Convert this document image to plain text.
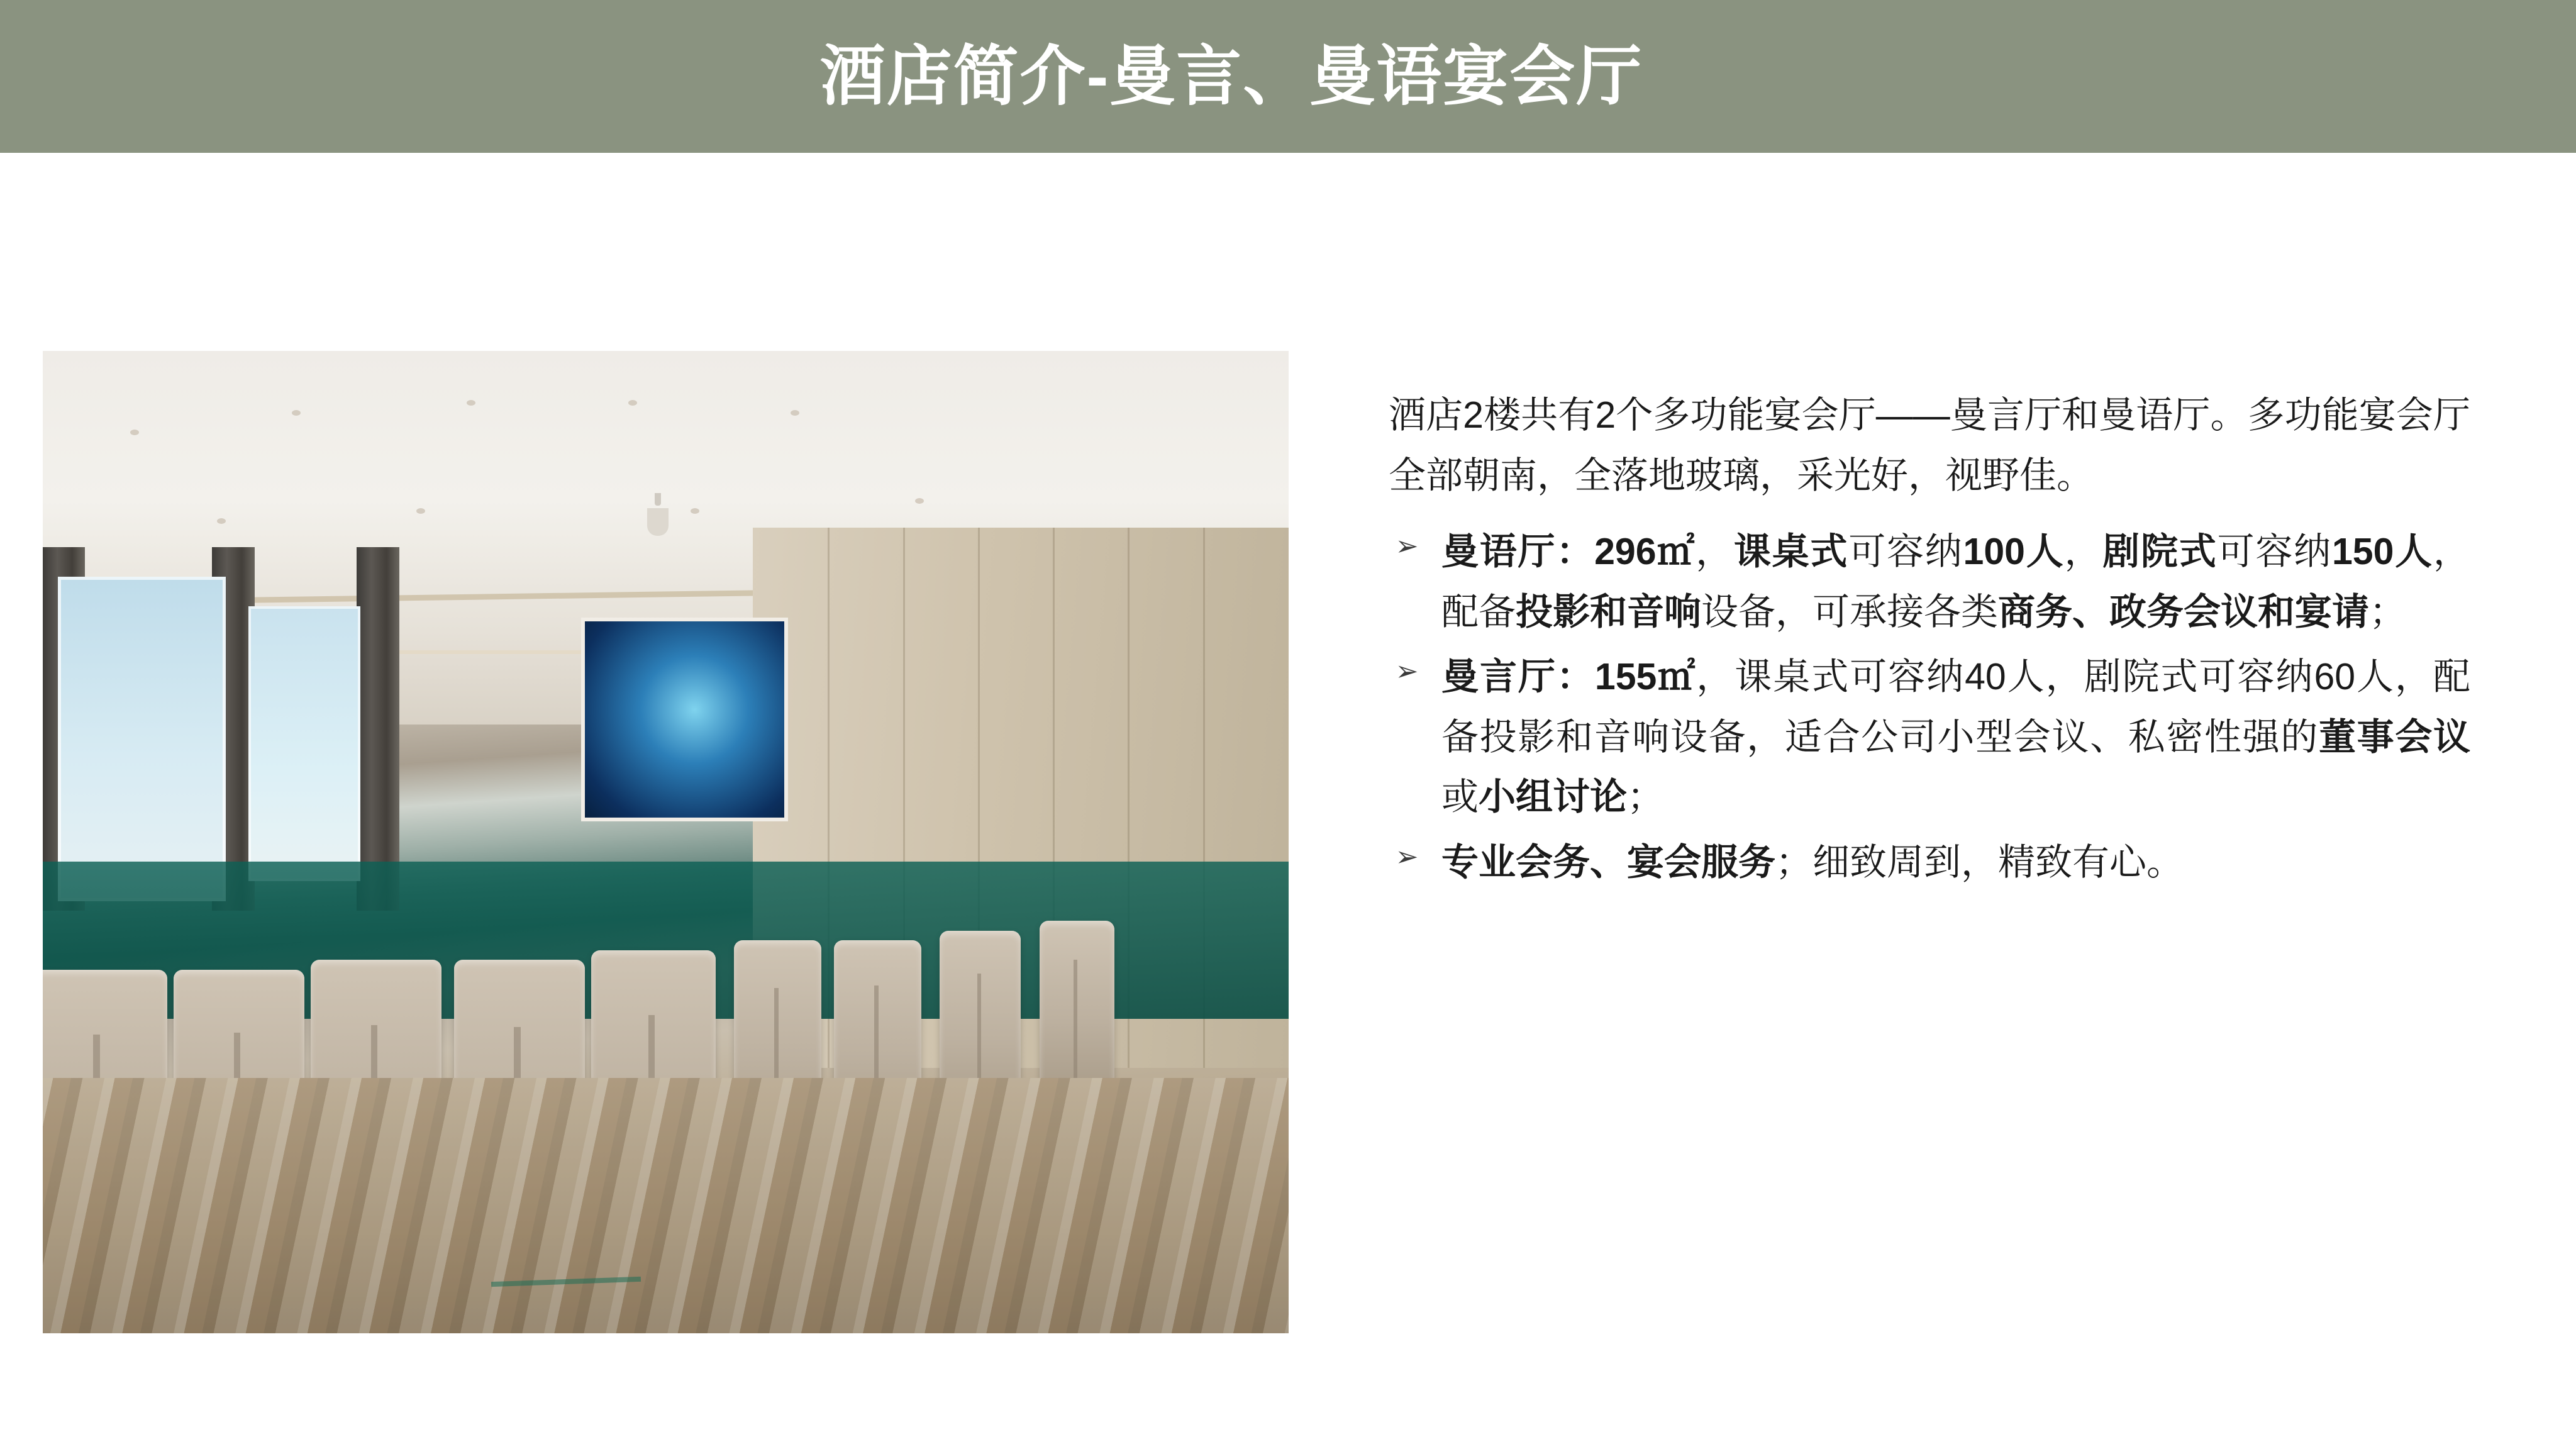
酒店简介-曼言、曼语宴会厅
酒店2楼共有2个多功能宴会厅——曼言厅和曼语厅。多功能宴会厅全部朝南，全落地玻璃，采光好，视野佳。
➢ 曼语厅：296㎡，课桌式可容纳100人，剧院式可容纳150人，配备投影和音响设备，可承接各类商务、政务会议和宴请；
➢ 曼言厅：155㎡，课桌式可容纳40人，剧院式可容纳60人，配备投影和音响设备，适合公司小型会议、私密性强的董事会议或小组讨论；
➢ 专业会务、宴会服务；细致周到，精致有心。
